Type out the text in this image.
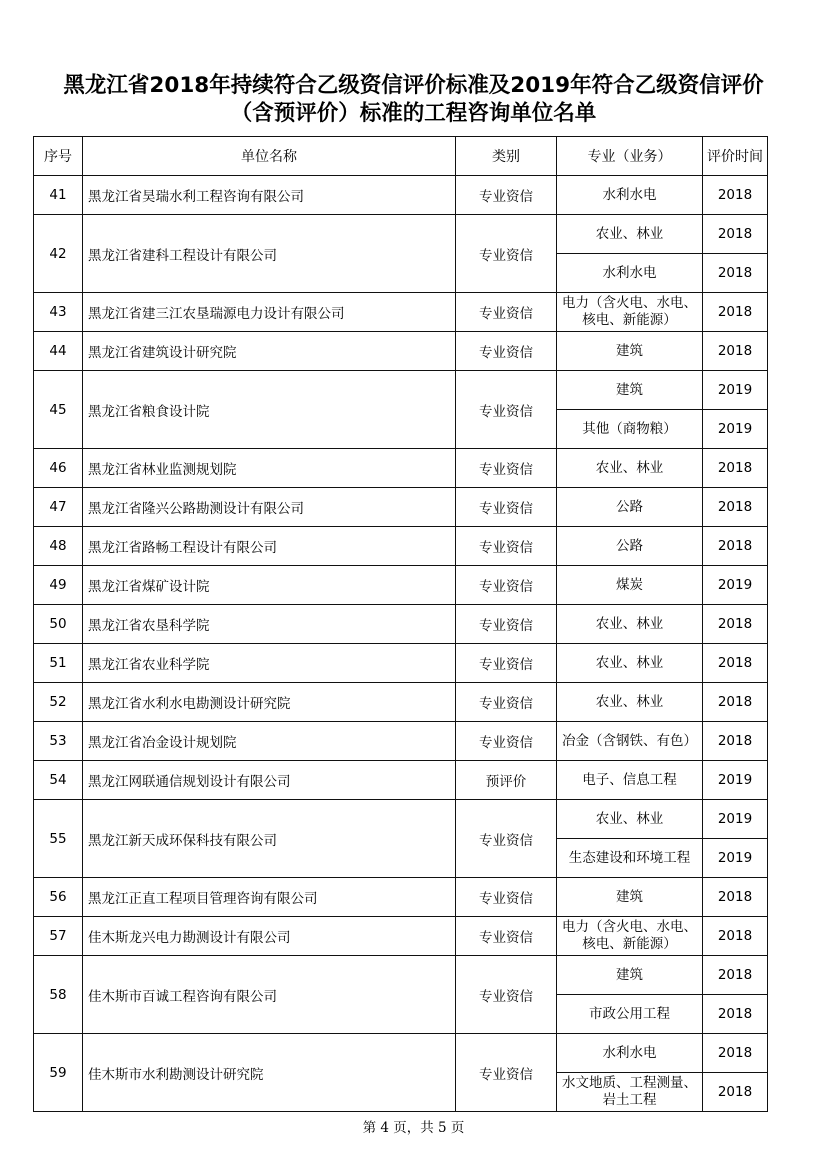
黑龙江省2018年持续符合乙级资信评价标准及2019年符合乙级资信评价
（含预评价）标准的工程咨询单位名单
序号	单位名称	类别	专业（业务）	评价时间
41	黑龙江省昊瑞水利工程咨询有限公司	专业资信	水利水电	2018
42	黑龙江省建科工程设计有限公司	专业资信	农业、林业	2018
			水利水电	2018
43	黑龙江省建三江农垦瑞源电力设计有限公司	专业资信	电力（含火电、水电、核电、新能源）	2018
44	黑龙江省建筑设计研究院	专业资信	建筑	2018
45	黑龙江省粮食设计院	专业资信	建筑	2019
			其他（商物粮）	2019
46	黑龙江省林业监测规划院	专业资信	农业、林业	2018
47	黑龙江省隆兴公路勘测设计有限公司	专业资信	公路	2018
48	黑龙江省路畅工程设计有限公司	专业资信	公路	2018
49	黑龙江省煤矿设计院	专业资信	煤炭	2019
50	黑龙江省农垦科学院	专业资信	农业、林业	2018
51	黑龙江省农业科学院	专业资信	农业、林业	2018
52	黑龙江省水利水电勘测设计研究院	专业资信	农业、林业	2018
53	黑龙江省冶金设计规划院	专业资信	冶金（含钢铁、有色）	2018
54	黑龙江网联通信规划设计有限公司	预评价	电子、信息工程	2019
55	黑龙江新天成环保科技有限公司	专业资信	农业、林业	2019
			生态建设和环境工程	2019
56	黑龙江正直工程项目管理咨询有限公司	专业资信	建筑	2018
57	佳木斯龙兴电力勘测设计有限公司	专业资信	电力（含火电、水电、核电、新能源）	2018
58	佳木斯市百诚工程咨询有限公司	专业资信	建筑	2018
			市政公用工程	2018
59	佳木斯市水利勘测设计研究院	专业资信	水利水电	2018
			水文地质、工程测量、岩土工程	2018
第 4 页，共 5 页
